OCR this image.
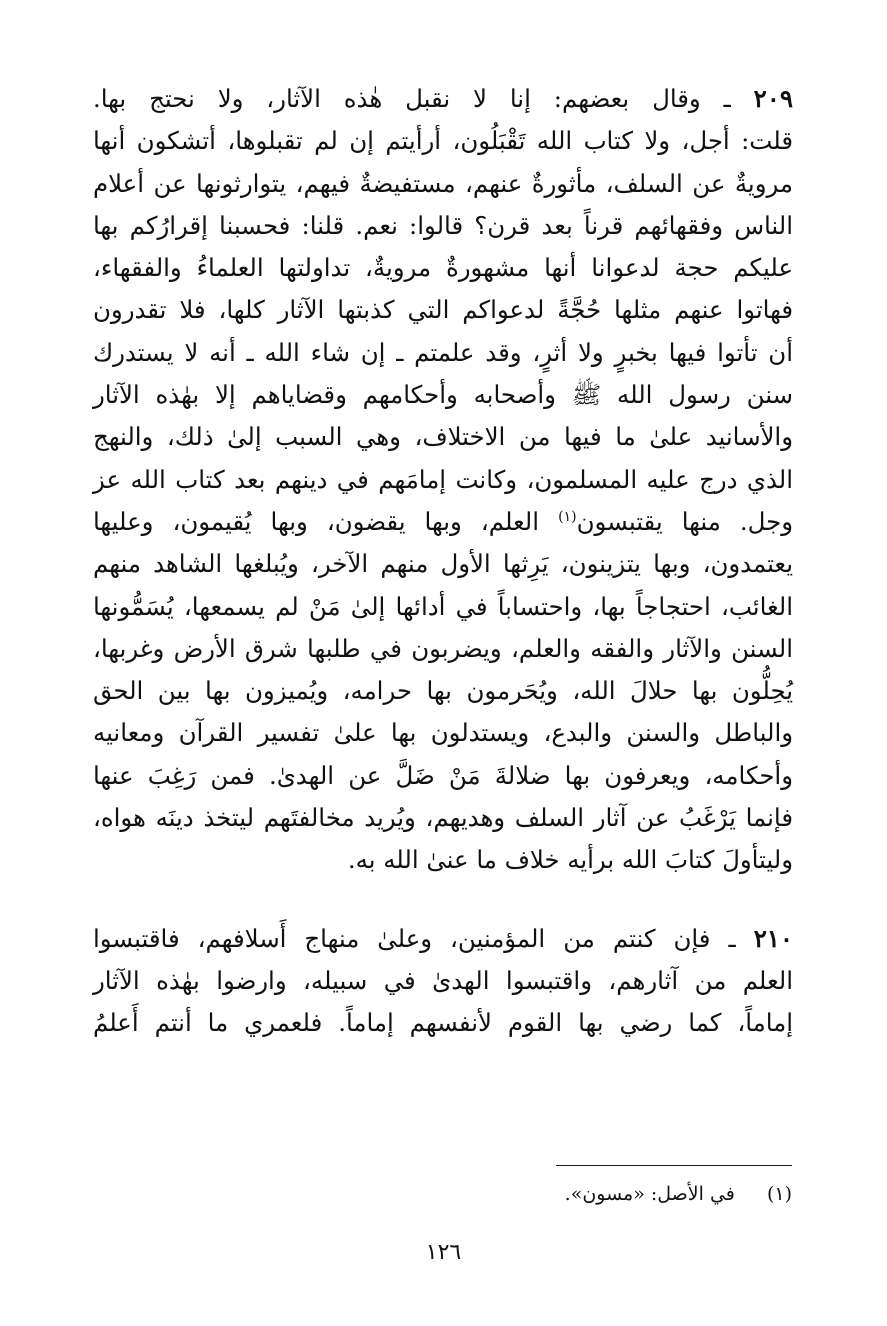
٢٠٩ ـ وقال بعضهم: إنا لا نقبل هٰذه الآثار، ولا نحتج بها.
قلت: أجل، ولا كتاب الله تَقْبَلُون، أرأيتم إن لم تقبلوها، أتشكون أنها
مرويةٌ عن السلف، مأثورةٌ عنهم، مستفيضةٌ فيهم، يتوارثونها عن أعلام
الناس وفقهائهم قرناً بعد قرن؟ قالوا: نعم. قلنا: فحسبنا إقرارُكم بها
عليكم حجة لدعوانا أنها مشهورةٌ مرويةٌ، تداولتها العلماءُ والفقهاء،
فهاتوا عنهم مثلها حُجَّةً لدعواكم التي كذبتها الآثار كلها، فلا تقدرون
أن تأتوا فيها بخبرٍ ولا أثرٍ، وقد علمتم ـ إن شاء الله ـ أنه لا يستدرك
سنن رسول الله ﷺ وأصحابه وأحكامهم وقضاياهم إلا بهٰذه الآثار
والأسانيد علىٰ ما فيها من الاختلاف، وهي السبب إلىٰ ذلك، والنهج
الذي درج عليه المسلمون، وكانت إمامَهم في دينهم بعد كتاب الله عز
وجل. منها يقتبسون$^{(١)}$ العلم، وبها يقضون، وبها يُقيمون، وعليها
يعتمدون، وبها يتزينون، يَرِثها الأول منهم الآخر، ويُبلغها الشاهد منهم
الغائب، احتجاجاً بها، واحتساباً في أدائها إلىٰ مَنْ لم يسمعها، يُسَمُّونها
السنن والآثار والفقه والعلم، ويضربون في طلبها شرق الأرض وغربها،
يُحِلُّون بها حلالَ الله، ويُحَرمون بها حرامه، ويُميزون بها بين الحق
والباطل والسنن والبدع، ويستدلون بها علىٰ تفسير القرآن ومعانيه
وأحكامه، ويعرفون بها ضلالةَ مَنْ ضَلَّ عن الهدىٰ. فمن رَغِبَ عنها
فإنما يَرْغَبُ عن آثار السلف وهديهم، ويُريد مخالفتَهم ليتخذ دينَه هواه،
وليتأولَ كتابَ الله برأيه خلاف ما عنىٰ الله به.

٢١٠ ـ فإن كنتم من المؤمنين، وعلىٰ منهاج أَسلافهم، فاقتبسوا
العلم من آثارهم، واقتبسوا الهدىٰ في سبيله، وارضوا بهٰذه الآثار
إماماً، كما رضي بها القوم لأنفسهم إماماً. فلعمري ما أنتم أَعلمُ

(١) في الأصل: «مسون».
١٢٦
